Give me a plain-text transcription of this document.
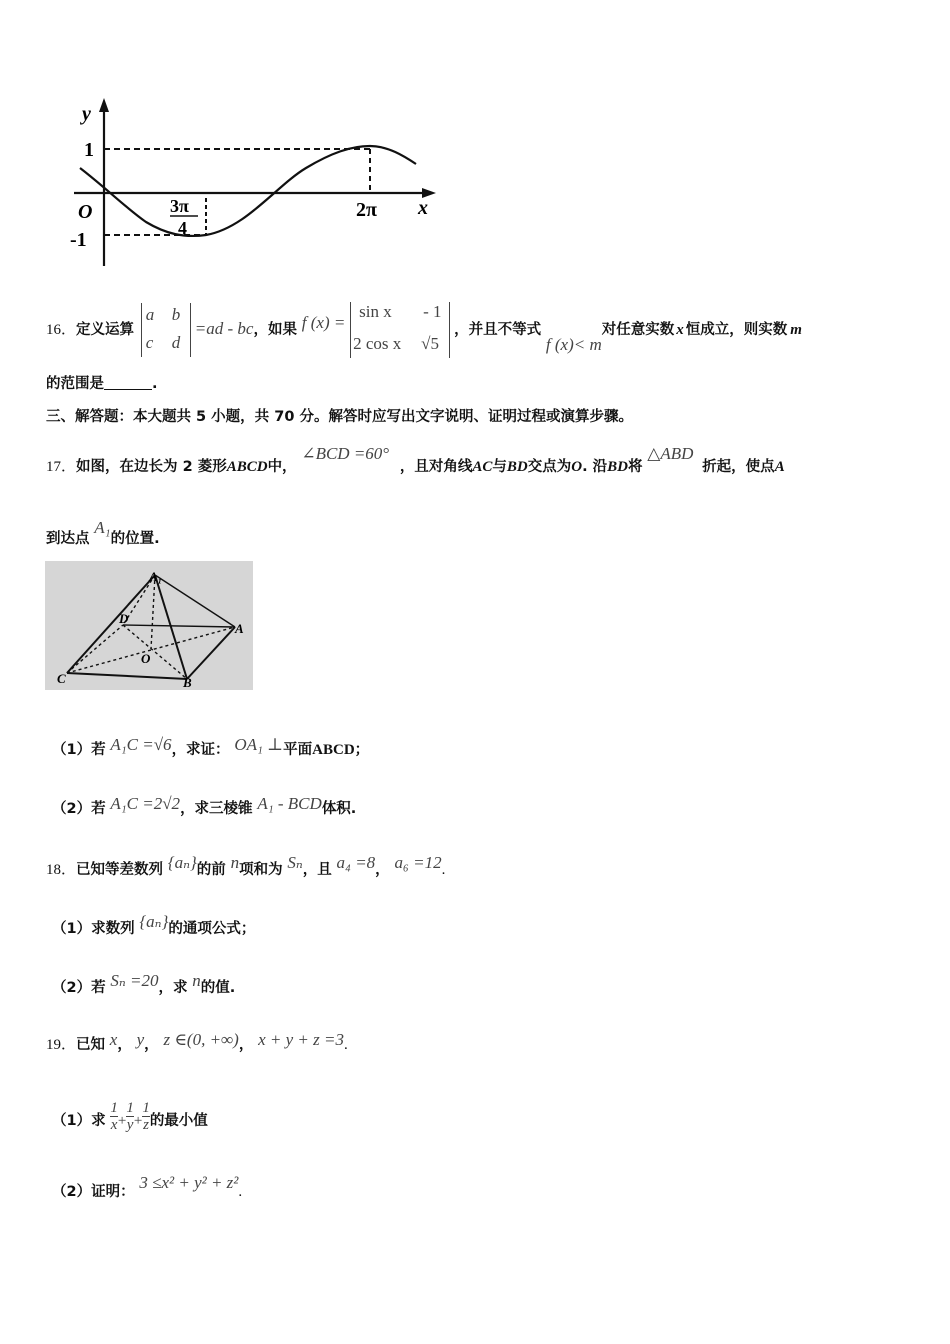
y
x
O
1
-1
3π
4
2π
16．定义运算
a b
c d
=ad - bc，如果 f (x) =
sin x - 1
2 cos x √5
，并且不等式 f (x)< m对任意实数 x 恒成立，则实数 m
的范围是	.
三、解答题：本大题共 5 小题，共 70 分。解答时应写出文字说明、证明过程或演算步骤。
17．如图，在边长为 2 菱形ABCD中， ∠BCD =60° ，且对角线AC与BD交点为O. 沿BD将 △ABD 折起，使点A
到达点 A₁的位置.
A₁
D
A
O
C	B
（1）若 A₁C =√6，求证： OA₁ ⊥平面ABCD；
（2）若 A₁C =2√2，求三棱锥 A₁ - BCD体积.
18．已知等差数列 {aₙ}的前 n项和为 Sₙ，且 a₄ =8， a₆ =12.
（1）求数列 {aₙ}的通项公式；
（2）若 Sₙ =20，求 n的值.
19．已知 x， y， z ∈(0, +∞)， x + y + z =3.
（1）求 $\frac{1}{x} + \frac{1}{y} + \frac{1}{z}$ 的最小值
（2）证明： 3 ≤x² + y² + z².
